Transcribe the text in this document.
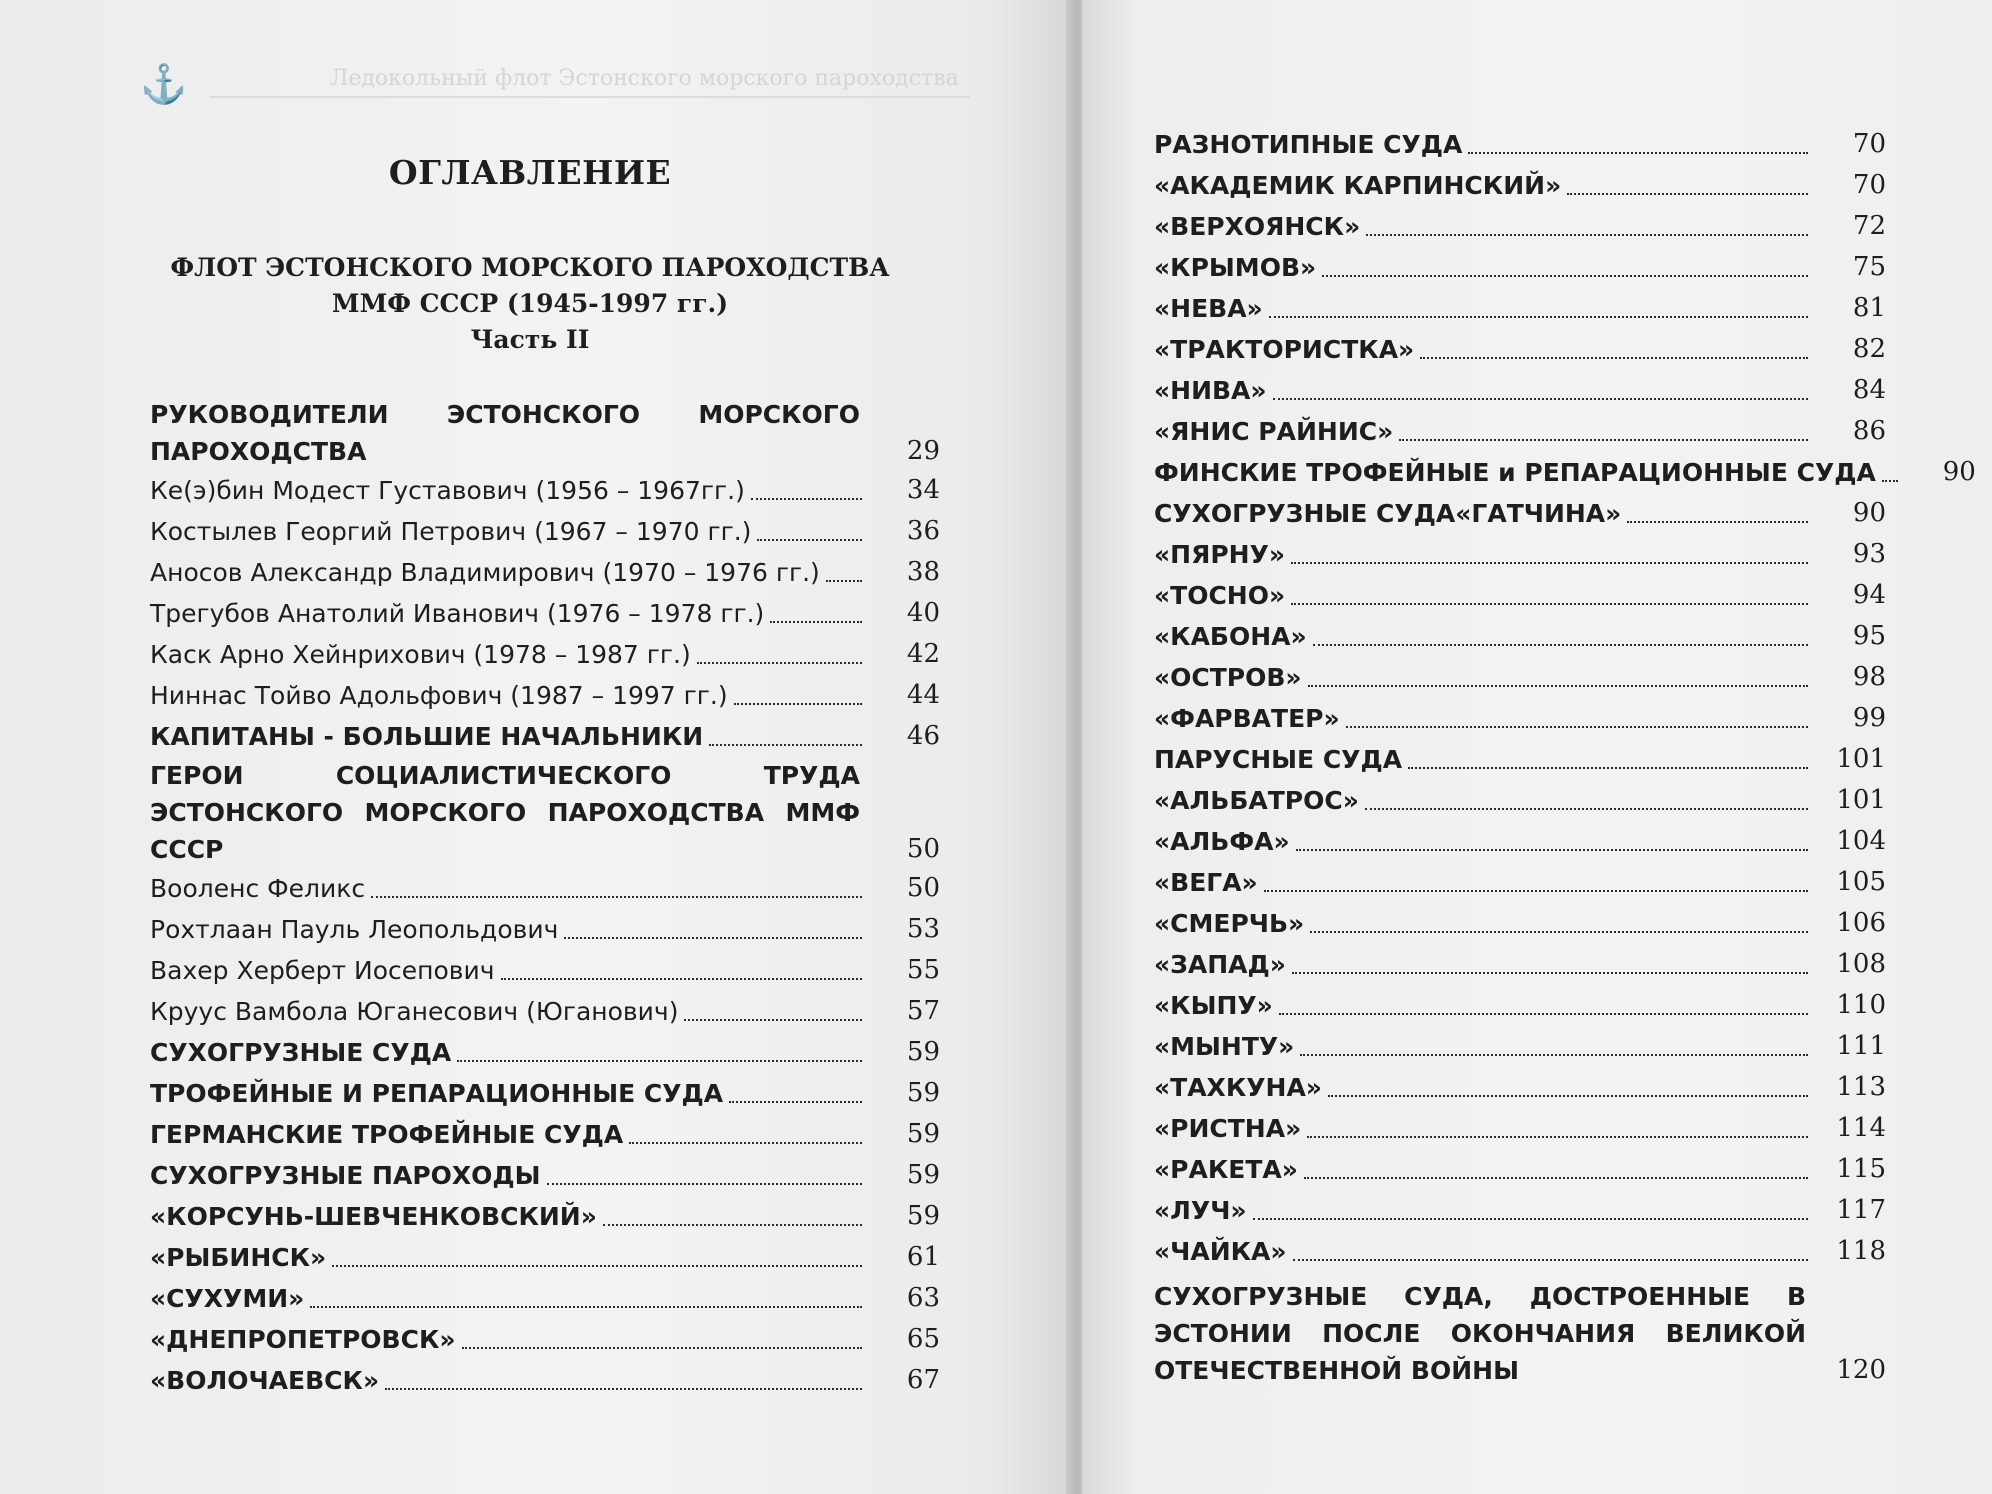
⚓	Ледокольный флот Эстонского морского пароходства
ОГЛАВЛЕНИЕ
ФЛОТ ЭСТОНСКОГО МОРСКОГО ПАРОХОДСТВА
ММФ СССР (1945-1997 гг.)
Часть II
РУКОВОДИТЕЛИ ЭСТОНСКОГО МОРСКОГО ПАРОХОДСТВА	29
Ке(э)бин Модест Густавович (1956 – 1967гг.)	34
Костылев Георгий Петрович (1967 – 1970 гг.)	36
Аносов Александр Владимирович (1970 – 1976 гг.)	38
Трегубов Анатолий Иванович (1976 – 1978 гг.)	40
Каск Арно Хейнрихович (1978 – 1987 гг.)	42
Ниннас Тойво Адольфович (1987 – 1997 гг.)	44
КАПИТАНЫ - БОЛЬШИЕ НАЧАЛЬНИКИ	46
ГЕРОИ СОЦИАЛИСТИЧЕСКОГО ТРУДА ЭСТОНСКОГО МОРСКОГО ПАРОХОДСТВА ММФ СССР	50
Вооленс Феликс	50
Рохтлаан Пауль Леопольдович	53
Вахер Херберт Иосепович	55
Круус Вамбола Юганесович (Юганович)	57
СУХОГРУЗНЫЕ СУДА	59
ТРОФЕЙНЫЕ И РЕПАРАЦИОННЫЕ СУДА	59
ГЕРМАНСКИЕ ТРОФЕЙНЫЕ СУДА	59
СУХОГРУЗНЫЕ ПАРОХОДЫ	59
«КОРСУНЬ-ШЕВЧЕНКОВСКИЙ»	59
«РЫБИНСК»	61
«СУХУМИ»	63
«ДНЕПРОПЕТРОВСК»	65
«ВОЛОЧАЕВСК»	67
РАЗНОТИПНЫЕ СУДА	70
«АКАДЕМИК КАРПИНСКИЙ»	70
«ВЕРХОЯНСК»	72
«КРЫМОВ»	75
«НЕВА»	81
«ТРАКТОРИСТКА»	82
«НИВА»	84
«ЯНИС РАЙНИС»	86
ФИНСКИЕ ТРОФЕЙНЫЕ и РЕПАРАЦИОННЫЕ СУДА	90
СУХОГРУЗНЫЕ СУДА«ГАТЧИНА»	90
«ПЯРНУ»	93
«ТОСНО»	94
«КАБОНА»	95
«ОСТРОВ»	98
«ФАРВАТЕР»	99
ПАРУСНЫЕ СУДА	101
«АЛЬБАТРОС»	101
«АЛЬФА»	104
«ВЕГА»	105
«СМЕРЧЬ»	106
«ЗАПАД»	108
«КЫПУ»	110
«МЫНТУ»	111
«ТАХКУНА»	113
«РИСТНА»	114
«РАКЕТА»	115
«ЛУЧ»	117
«ЧАЙКА»	118
СУХОГРУЗНЫЕ СУДА, ДОСТРОЕННЫЕ В ЭСТОНИИ ПОСЛЕ ОКОНЧАНИЯ ВЕЛИКОЙ ОТЕЧЕСТВЕННОЙ ВОЙНЫ	120
